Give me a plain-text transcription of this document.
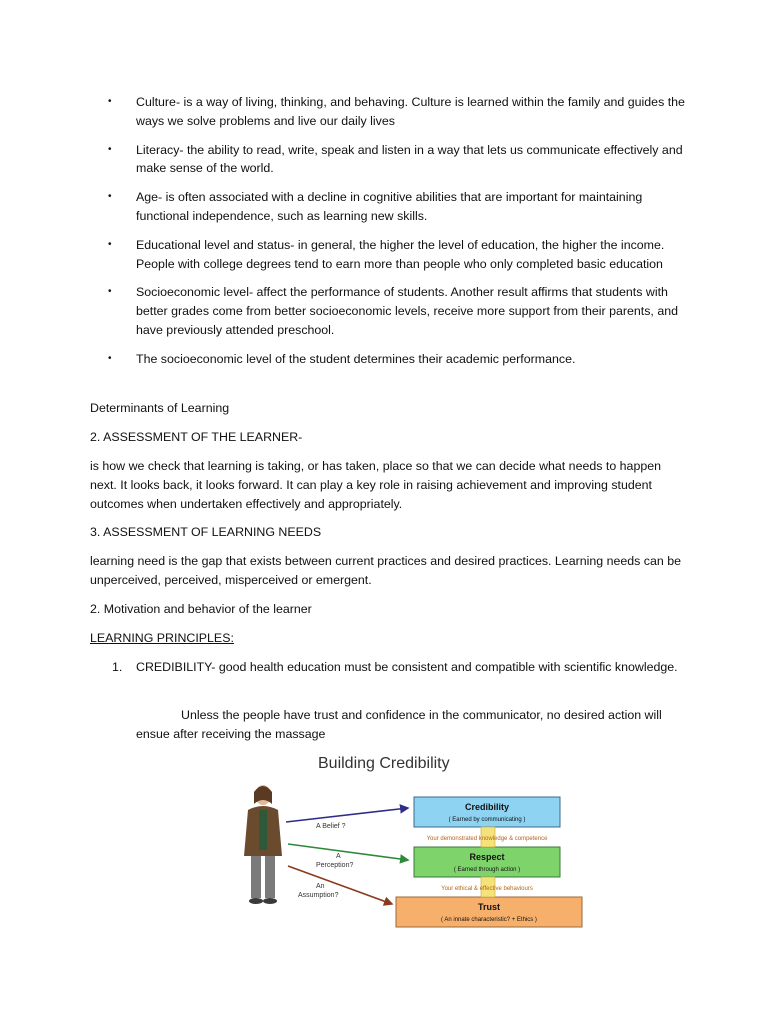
• Culture- is a way of living, thinking, and behaving. Culture is learned within the family and guides the ways we solve problems and live our daily lives
• Literacy- the ability to read, write, speak and listen in a way that lets us communicate effectively and make sense of the world.
• Age- is often associated with a decline in cognitive abilities that are important for maintaining functional independence, such as learning new skills.
• Educational level and status- in general, the higher the level of education, the higher the income. People with college degrees tend to earn more than people who only completed basic education
• Socioeconomic level- affect the performance of students. Another result affirms that students with better grades come from better socioeconomic levels, receive more support from their parents, and have previously attended preschool.
• The socioeconomic level of the student determines their academic performance.

Determinants of Learning

2. ASSESSMENT OF THE LEARNER-

is how we check that learning is taking, or has taken, place so that we can decide what needs to happen next. It looks back, it looks forward. It can play a key role in raising achievement and improving student outcomes when undertaken effectively and appropriately.

3. ASSESSMENT OF LEARNING NEEDS

learning need is the gap that exists between current practices and desired practices. Learning needs can be unperceived, perceived, misperceived or emergent.

2. Motivation and behavior of the learner

LEARNING PRINCIPLES:

1. CREDIBILITY- good health education must be consistent and compatible with scientific knowledge.

Unless the people have trust and confidence in the communicator, no desired action will ensue after receiving the massage

Building Credibility
A Belief ?
A
Perception?
An
Assumption?
Credibility
( Earned by communicating )
Respect
( Earned through action )
Trust
( An innate characteristic? + Ethics )
Your demonstrated knowledge & competence
Your ethical & effective behaviours
